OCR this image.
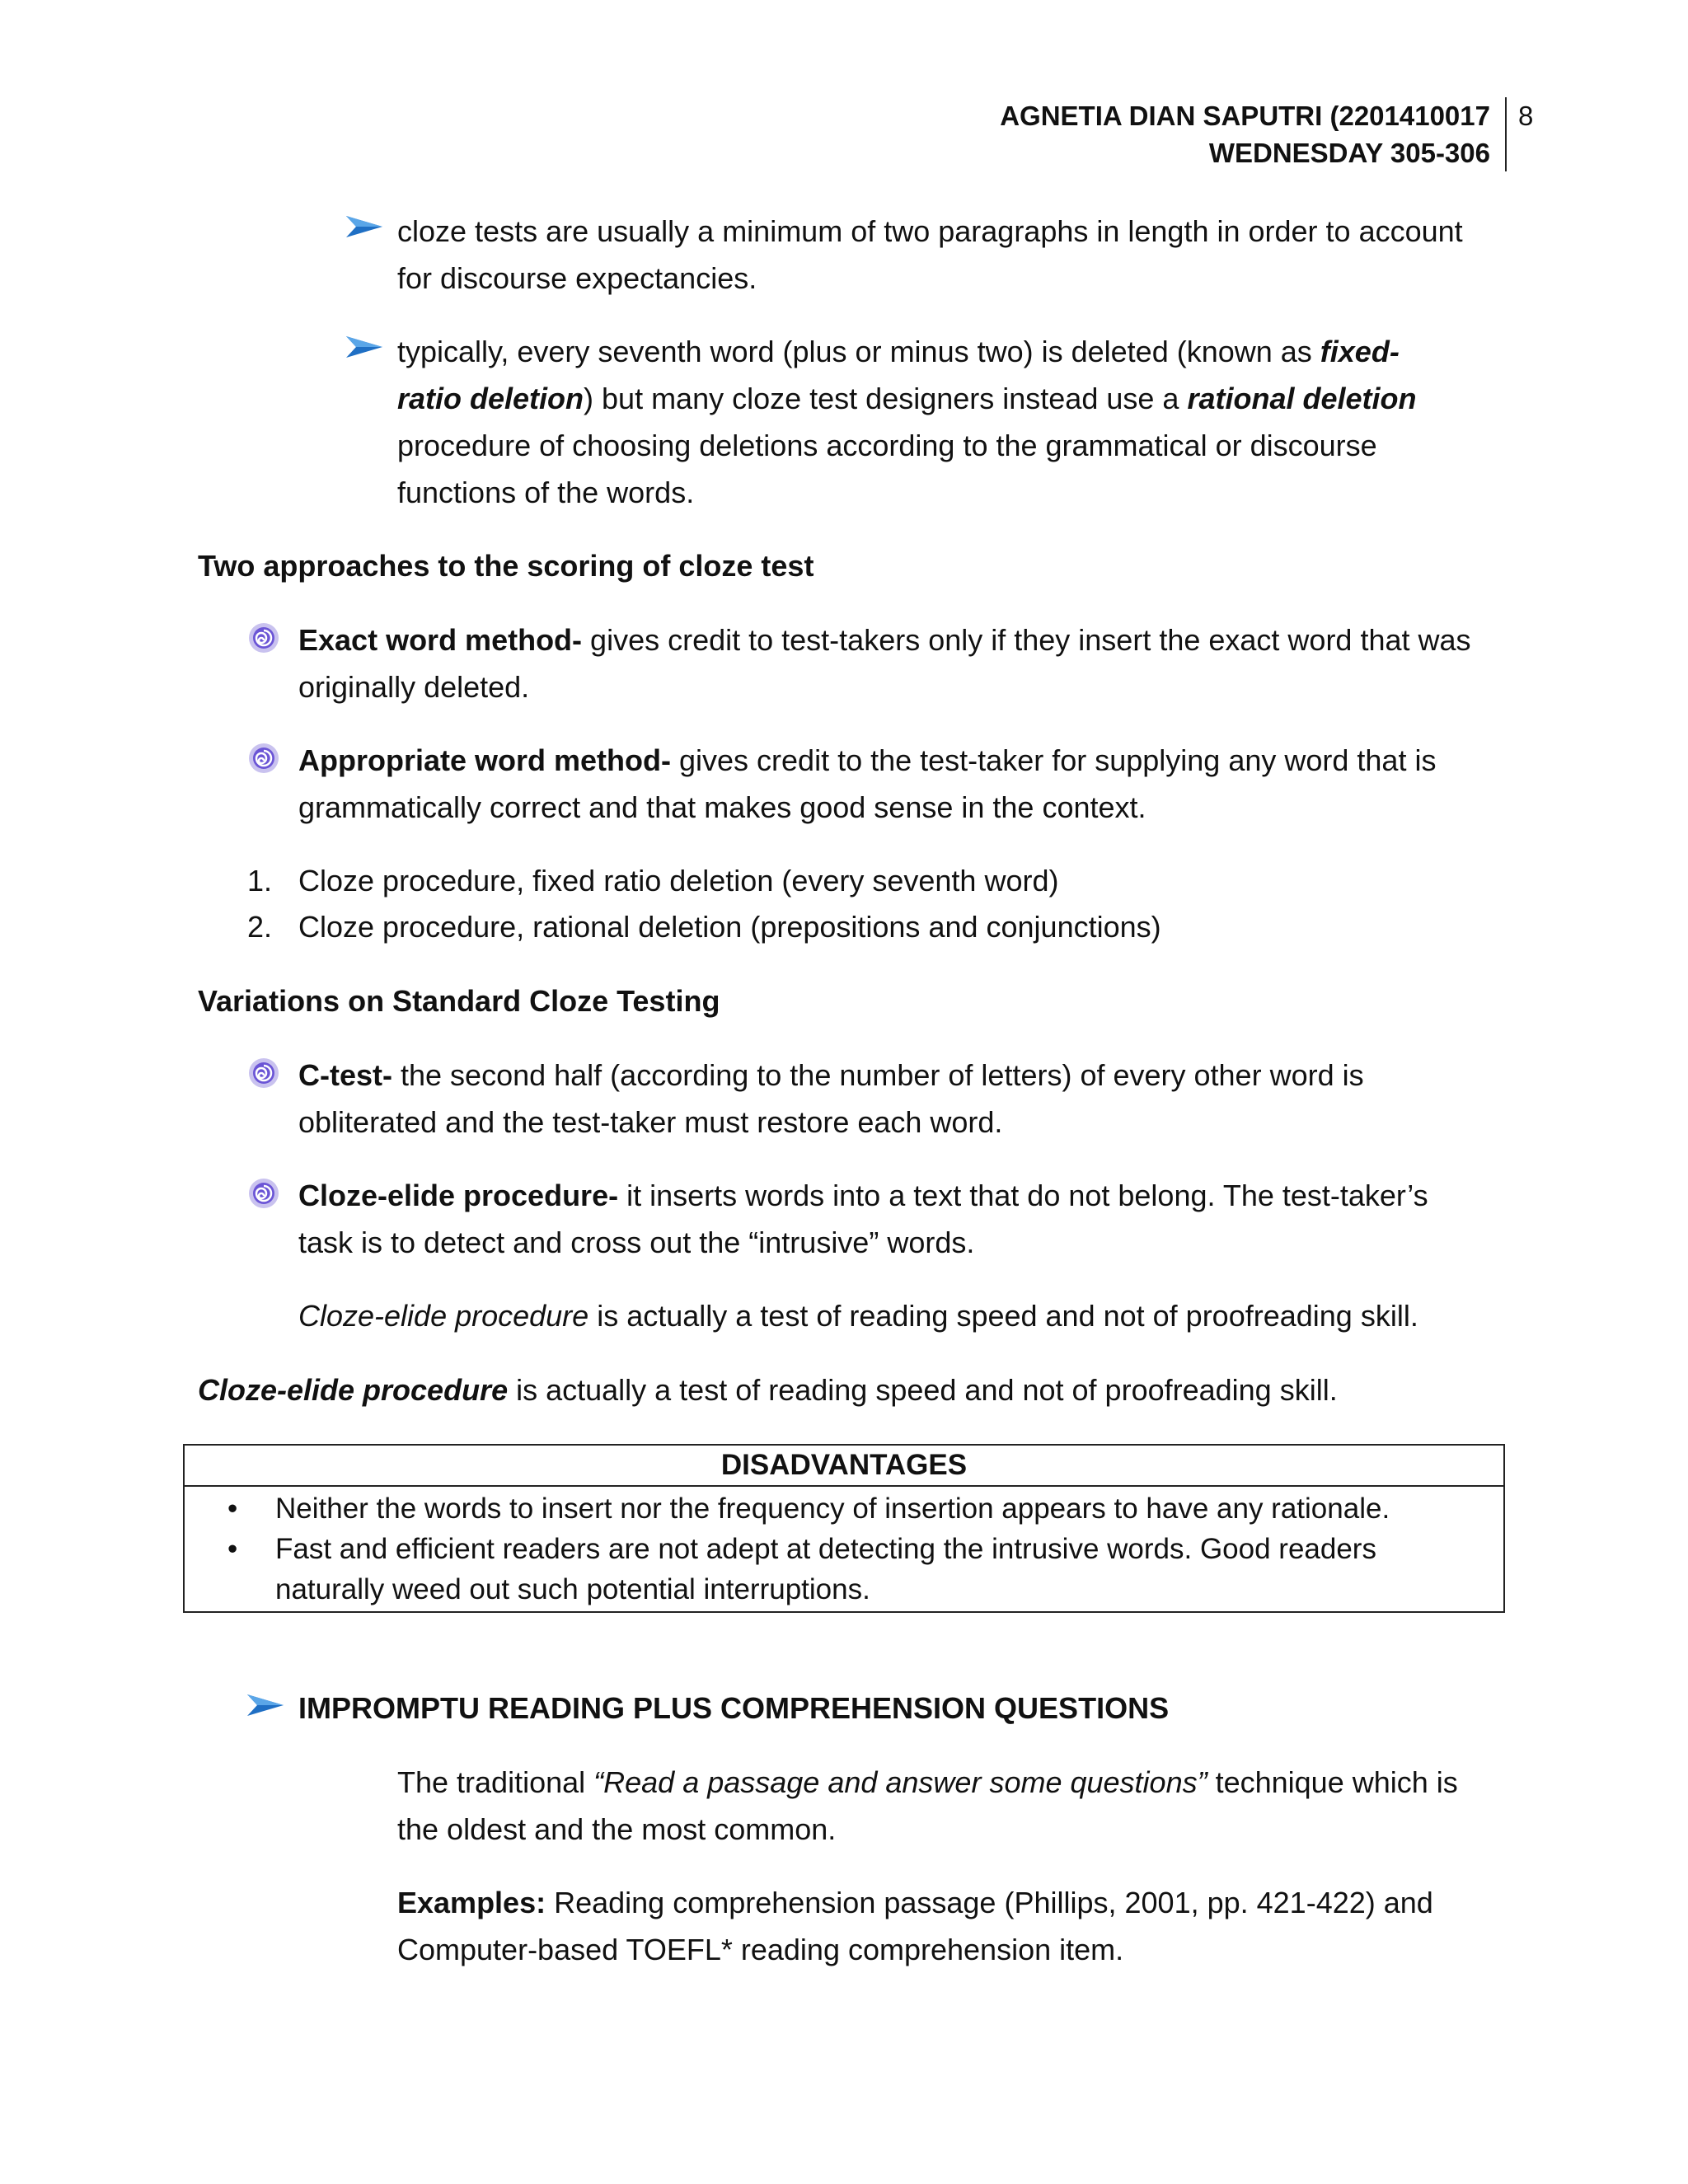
AGNETIA DIAN SAPUTRI (2201410017
WEDNESDAY 305-306
8
cloze tests are usually a minimum of two paragraphs in length in order to account for discourse expectancies.
typically, every seventh word (plus or minus two) is deleted (known as fixed-ratio deletion) but many cloze test designers instead use a rational deletion procedure of choosing deletions according to the grammatical or discourse functions of the words.
Two approaches to the scoring of cloze test
Exact word method- gives credit to test-takers only if they insert the exact word that was originally deleted.
Appropriate word method- gives credit to the test-taker for supplying any word that is grammatically correct and that makes good sense in the context.
1. Cloze procedure, fixed ratio deletion (every seventh word)
2. Cloze procedure, rational deletion (prepositions and conjunctions)
Variations on Standard Cloze Testing
C-test- the second half (according to the number of letters) of every other word is obliterated and the test-taker must restore each word.
Cloze-elide procedure- it inserts words into a text that do not belong. The test-taker’s task is to detect and cross out the “intrusive” words.
Cloze-elide procedure is actually a test of reading speed and not of proofreading skill.
Cloze-elide procedure is actually a test of reading speed and not of proofreading skill.
DISADVANTAGES

• Neither the words to insert nor the frequency of insertion appears to have any rationale.
• Fast and efficient readers are not adept at detecting the intrusive words. Good readers naturally weed out such potential interruptions.
IMPROMPTU READING PLUS COMPREHENSION QUESTIONS
The traditional “Read a passage and answer some questions” technique which is the oldest and the most common.
Examples: Reading comprehension passage (Phillips, 2001, pp. 421-422) and Computer-based TOEFL* reading comprehension item.
